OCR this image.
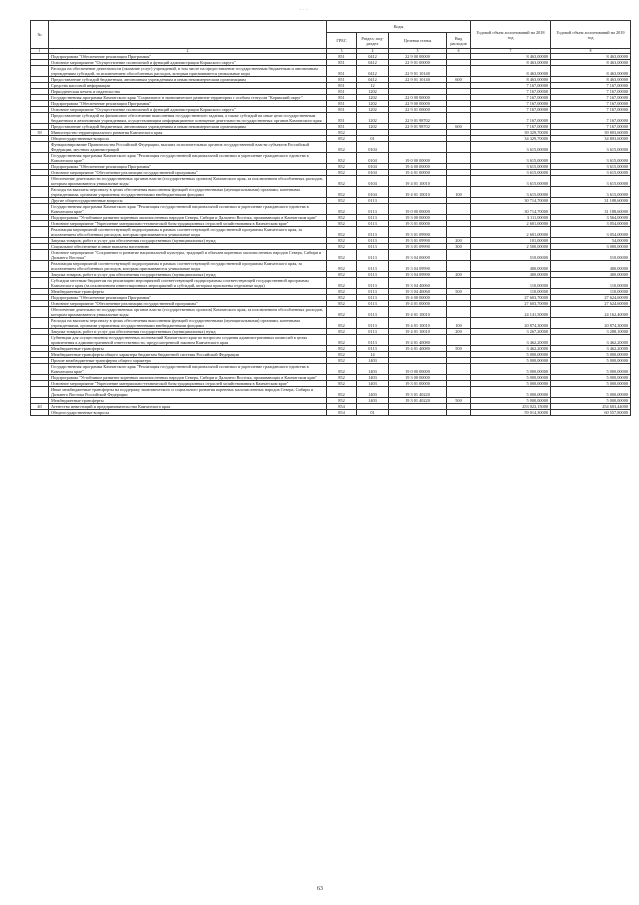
- · -
№		Коды				Годовой объем ассигнований на 2018 год	Годовой объем ассигнований на 2019 год
		ГРБС	Раздел, под-раздел	Целевая статья	Вид расходов		
1	2	3	4	5	6	7	8
	Подпрограмма "Обеспечение реализации Программы"	851	0412	22 9 00 00000		8 463,00000	8 463,00000
	Основное мероприятие "Осуществление полномочий и функций администрации Корякского округа"	851	0412	22 9 01 00000		8 463,00000	8 463,00000
	Расходы на обеспечение деятельности (оказание услуг) учреждений, в том числе на предоставление государственным бюджетным и автономным учреждениям субсидий, за исключением обособленных расходов, которым присваиваются уникальные коды	851	0412	22 9 01 10140		8 463,00000	8 463,00000
	Предоставление субсидий бюджетным, автономным учреждениям и иным некоммерческим организациям	851	0412	22 9 01 10140	600	8 463,00000	8 463,00000
	Средства массовой информации	851	12			7 167,00000	7 167,00000
	Периодическая печать и издательства	851	1202			7 167,00000	7 167,00000
	Государственная программа Камчатского края "Социальное и экономическое развитие территории с особым статусом "Корякский округ"	851	1202	22 0 00 00000		7 167,00000	7 167,00000
	Подпрограмма "Обеспечение реализации Программы"	851	1202	22 9 00 00000		7 167,00000	7 167,00000
	Основное мероприятие "Осуществление полномочий и функций администрации Корякского округа"	851	1202	22 9 01 00000		7 167,00000	7 167,00000
	Предоставление субсидий на финансовое обеспечение выполнения государственного задания, а также субсидий на иные цели государственным бюджетным и автономным учреждениям, осуществляющим информационное освещение деятельности государственных органов Камчатского края	851	1202	22 9 01 98702		7 167,00000	7 167,00000
	Предоставление субсидий бюджетным, автономным учреждениям и иным некоммерческим организациям	851	1202	22 9 01 98702	600	7 167,00000	7 167,00000
39	Министерство территориального развития Камчатского края	852				39 329,70000	39 803,60000
	Общегосударственные вопросы	852	01			34 329,70000	34 803,60000
	Функционирование Правительства Российской Федерации, высших исполнительных органов государственной власти субъектов Российской Федерации, местных администраций	852	0104			3 615,00000	3 615,00000
	Государственная программа Камчатского края "Реализация государственной национальной политики и укрепление гражданского единства в Камчатском крае"	852	0104	19 0 00 00000		3 615,00000	3 615,00000
	Подпрограмма "Обеспечение реализации Программы"	852	0104	19 4 00 00000		3 615,00000	3 615,00000
	Основное мероприятие "Обеспечение реализации государственной программы"	852	0104	19 4 01 00000		3 615,00000	3 615,00000
	Обеспечение деятельности государственных органов власти (государственных органов) Камчатского края, за исключением обособленных расходов, которым присваиваются уникальные коды	852	0104	19 4 01 10010		3 615,00000	3 615,00000
	Расходы на выплаты персоналу в целях обеспечения выполнения функций государственными (муниципальными) органами, казенными учреждениями, органами управления государственными внебюджетными фондами	852	0104	19 4 01 10010	100	3 615,00000	3 615,00000
	Другие общегосударственные вопросы	852	0113			30 714,70000	31 188,60000
	Государственная программа Камчатского края "Реализация государственной национальной политики и укрепление гражданского единства в Камчатском крае"	852	0113	19 0 00 00000		30 714,70000	31 188,60000
	Подпрограмма "Устойчивое развитие коренных малочисленных народов Севера, Сибири и Дальнего Востока, проживающих в Камчатском крае"	852	0113	19 3 00 00000		3 111,00000	3 564,00000
	Основное мероприятие "Укрепление материально-технической базы традиционных отраслей хозяйствования в Камчатском крае"	852	0113	19 3 01 00000		2 601,00000	3 054,00000
	Реализация мероприятий соответствующей подпрограммы в рамках соответствующей государственной программы Камчатского края, за исключением обособленных расходов, которым присваиваются уникальные коды	852	0113	19 3 01 09990		2 601,00000	3 054,00000
	Закупка товаров, работ и услуг для обеспечения государственных (муниципальных) нужд	852	0113	19 3 01 09990	200	101,00000	54,00000
	Социальное обеспечение и иные выплаты населению	852	0113	19 3 01 09990	300	2 500,00000	3 000,00000
	Основное мероприятие "Сохранение и развитие национальной культуры, традиций и обычаев коренных малочисленных народов Севера, Сибири и Дальнего Востока"	852	0113	19 3 04 00000		510,00000	510,00000
	Реализация мероприятий соответствующей подпрограммы в рамках соответствующей государственной программы Камчатского края, за исключением обособленных расходов, которым присваиваются уникальные коды	852	0113	19 3 04 09990		400,00000	400,00000
	Закупка товаров, работ и услуг для обеспечения государственных (муниципальных) нужд	852	0113	19 3 04 09990	200	400,00000	400,00000
	Субсидии местным бюджетам на реализацию мероприятий соответствующей подпрограммы соответствующей государственной программы Камчатского края (за исключением инвестиционных мероприятий и субсидий, которым присвоены отдельные коды)	852	0113	19 3 04 40060		110,00000	110,00000
	Межбюджетные трансферты	852	0113	19 3 04 40060	500	110,00000	110,00000
	Подпрограмма "Обеспечение реализации Программы"	852	0113	19 4 00 00000		27 603,70000	27 624,60000
	Основное мероприятие "Обеспечение реализации государственной программы"	852	0113	19 4 01 00000		27 603,70000	27 624,60000
	Обеспечение деятельности государственных органов власти (государственных органов) Камчатского края, за исключением обособленных расходов, которым присваиваются уникальные коды	852	0113	19 4 01 10010		24 141,50000	24 162,40000
	Расходы на выплаты персоналу в целях обеспечения выполнения функций государственными (муниципальными) органами, казенными учреждениями, органами управления государственными внебюджетными фондами	852	0113	19 4 01 10010	100	20 874,30000	20 874,30000
	Закупка товаров, работ и услуг для обеспечения государственных (муниципальных) нужд	852	0113	19 4 01 10010	200	3 267,20000	3 288,10000
	Субвенции для осуществления государственных полномочий Камчатского края по вопросам создания административных комиссий в целях привлечения к административной ответственности, предусмотренной законом Камчатского края	852	0113	19 4 01 40080		3 462,20000	3 462,20000
	Межбюджетные трансферты	852	0113	19 4 01 40080	500	3 462,20000	3 462,20000
	Межбюджетные трансферты общего характера бюджетам бюджетной системы Российской Федерации	852	14			5 000,00000	5 000,00000
	Прочие межбюджетные трансферты общего характера	852	1403			5 000,00000	5 000,00000
	Государственная программа Камчатского края "Реализация государственной национальной политики и укрепление гражданского единства в Камчатском крае"	852	1403	19 0 00 00000		5 000,00000	5 000,00000
	Подпрограмма "Устойчивое развитие коренных малочисленных народов Севера, Сибири и Дальнего Востока, проживающих в Камчатском крае"	852	1403	19 3 00 00000		5 000,00000	5 000,00000
	Основное мероприятие "Укрепление материально-технической базы традиционных отраслей хозяйствования в Камчатском крае"	852	1403	19 3 01 00000		5 000,00000	5 000,00000
	Иные межбюджетные трансферты на поддержку экономического и социального развития коренных малочисленных народов Севера, Сибири и Дальнего Востока Российской Федерации	852	1403	19 3 01 40220		5 000,00000	5 000,00000
	Межбюджетные трансферты	852	1403	19 3 01 40220	500	5 000,00000	5 000,00000
40	Агентство инвестиций и предпринимательства Камчатского края	854				253 023,15000	254 603,44000
	Общегосударственные вопросы	854	01			59 014,30000	60 557,80000
63
